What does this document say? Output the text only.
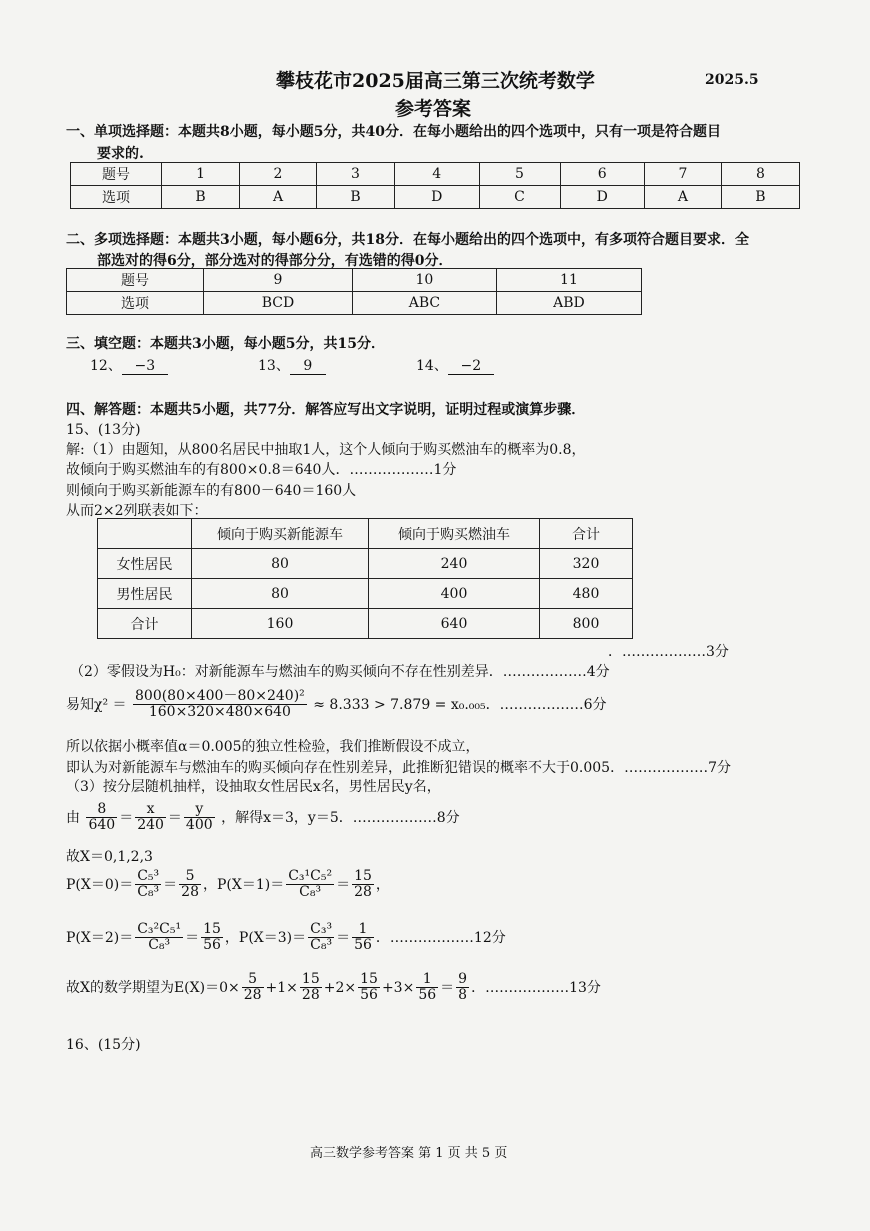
攀枝花市2025届高三第三次统考数学	2025.5
参考答案
一、单项选择题：本题共8小题，每小题5分，共40分．在每小题给出的四个选项中，只有一项是符合题目
要求的.
题号	1	2	3	4	5	6	7	8
选项	B	A	B	D	C	D	A	B
二、多项选择题：本题共3小题，每小题6分，共18分．在每小题给出的四个选项中，有多项符合题目要求．全
部选对的得6分，部分选对的得部分分，有选错的得0分．
题号	9	10	11
选项	BCD	ABC	ABD
三、填空题：本题共3小题，每小题5分，共15分．
12、 −3	13、 9	14、 −2
四、解答题：本题共5小题，共77分．解答应写出文字说明，证明过程或演算步骤．
15、(13分)
解:（1）由题知，从800名居民中抽取1人，这个人倾向于购买燃油车的概率为0.8，
故倾向于购买燃油车的有800×0.8＝640人．………………1分
则倾向于购买新能源车的有800－640＝160人
从而2×2列联表如下：
	倾向于购买新能源车	倾向于购买燃油车	合计
女性居民	80	240	320
男性居民	80	400	480
合计	160	640	800
．………………3分
（2）零假设为H₀：对新能源车与燃油车的购买倾向不存在性别差异．………………4分
易知$\chi^2 = \frac{\text{800(80×400－80×240)²}}{160\times 320\times 480\times 640} \approx 8.333 > 7.879 = x_0._{005}$．………………6分
所以依据小概率值α＝0.005的独立性检验，我们推断假设不成立，
即认为对新能源车与燃油车的购买倾向存在性别差异，此推断犯错误的概率不大于0.005．………………7分
（3）按分层随机抽样，设抽取女性居民x名，男性居民y名，
由 $\frac{8}{640} = \frac{x}{240} = \frac{y}{400}$ ，解得x＝3，y＝5．………………8分
故X＝0,1,2,3
$P(X=0)= \frac{\text{C₅³}}{\text{C₈³}} = \frac{5}{28}$ ，$P(X=1)= \frac{\text{C₃¹C₅²}}{\text{C₈³}} = \frac{15}{28}$ ，
$P(X=2)= \frac{\text{C₃²C₅¹}}{\text{C₈³}} = \frac{15}{56}$ ，$P(X=3)= \frac{\text{C₃³}}{\text{C₈³}} = \frac{1}{56}$ ．………………12分
故X的数学期望为$E(X)=0\times \frac{5}{28} +1\times \frac{15}{28} +2\times \frac{15}{56} +3\times \frac{1}{56} = \frac{9}{8}$ ．………………13分
16、(15分)
高三数学参考答案 第 1 页 共 5 页
